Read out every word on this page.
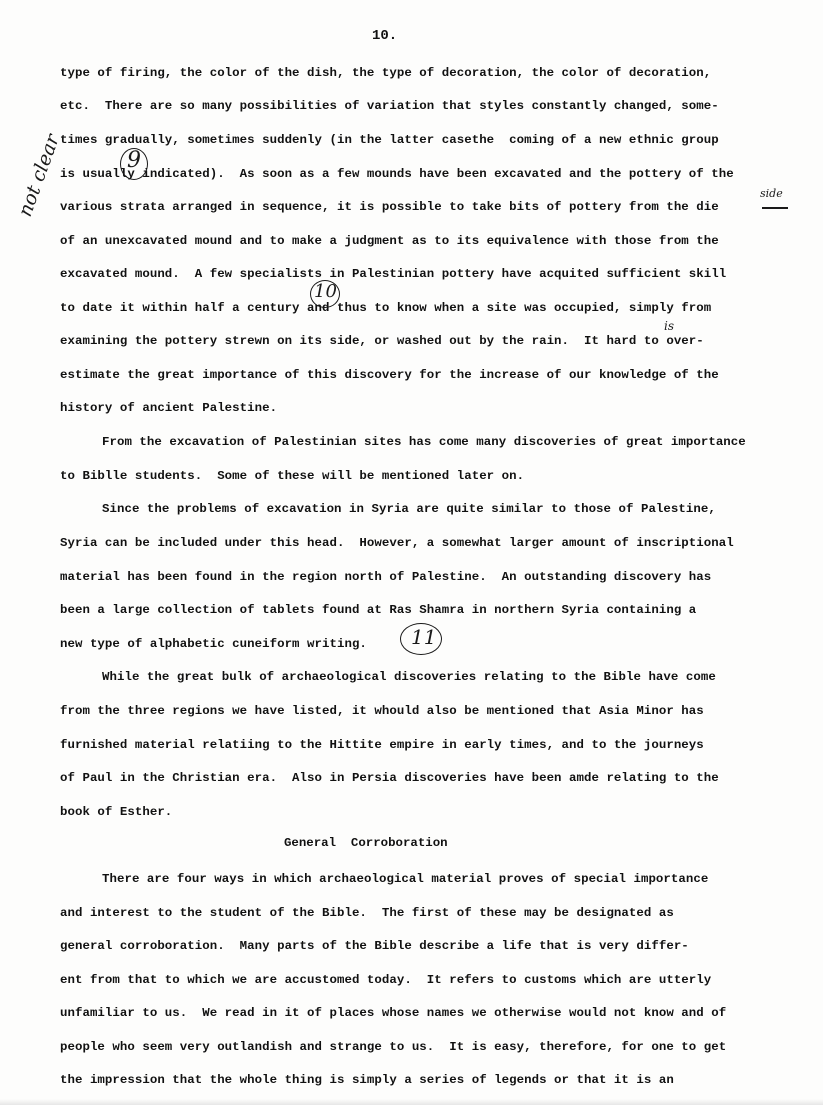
10.

not clear

type of firing, the color of the dish, the type of decoration, the color of decoration,

etc.  There are so many possibilities of variation that styles constantly changed, some-

times gradually, sometimes suddenly (in the latter casethe  coming of a new ethnic group

is usually indicated).  As soon as a few mounds have been excavated and the pottery of the

various strata arranged in sequence, it is possible to take bits of pottery from the die

of an unexcavated mound and to make a judgment as to its equivalence with those from the

excavated mound.  A few specialists in Palestinian pottery have acquited sufficient skill

to date it within half a century and thus to know when a site was occupied, simply from

examining the pottery strewn on its side, or washed out by the rain.  It hard to over-

estimate the great importance of this discovery for the increase of our knowledge of the

history of ancient Palestine.

From the excavation of Palestinian sites has come many discoveries of great importance

to Biblle students.  Some of these will be mentioned later on.

Since the problems of excavation in Syria are quite similar to those of Palestine,

Syria can be included under this head.  However, a somewhat larger amount of inscriptional

material has been found in the region north of Palestine.  An outstanding discovery has

been a large collection of tablets found at Ras Shamra in northern Syria containing a

new type of alphabetic cuneiform writing.

While the great bulk of archaeological discoveries relating to the Bible have come

from the three regions we have listed, it whould also be mentioned that Asia Minor has

furnished material relatiing to the Hittite empire in early times, and to the journeys

of Paul in the Christian era.  Also in Persia discoveries have been amde relating to the

book of Esther.

General  Corroboration

There are four ways in which archaeological material proves of special importance

and interest to the student of the Bible.  The first of these may be designated as

general corroboration.  Many parts of the Bible describe a life that is very differ-

ent from that to which we are accustomed today.  It refers to customs which are utterly

unfamiliar to us.  We read in it of places whose names we otherwise would not know and of

people who seem very outlandish and strange to us.  It is easy, therefore, for one to get

the impression that the whole thing is simply a series of legends or that it is an

9

10

11

side

is
